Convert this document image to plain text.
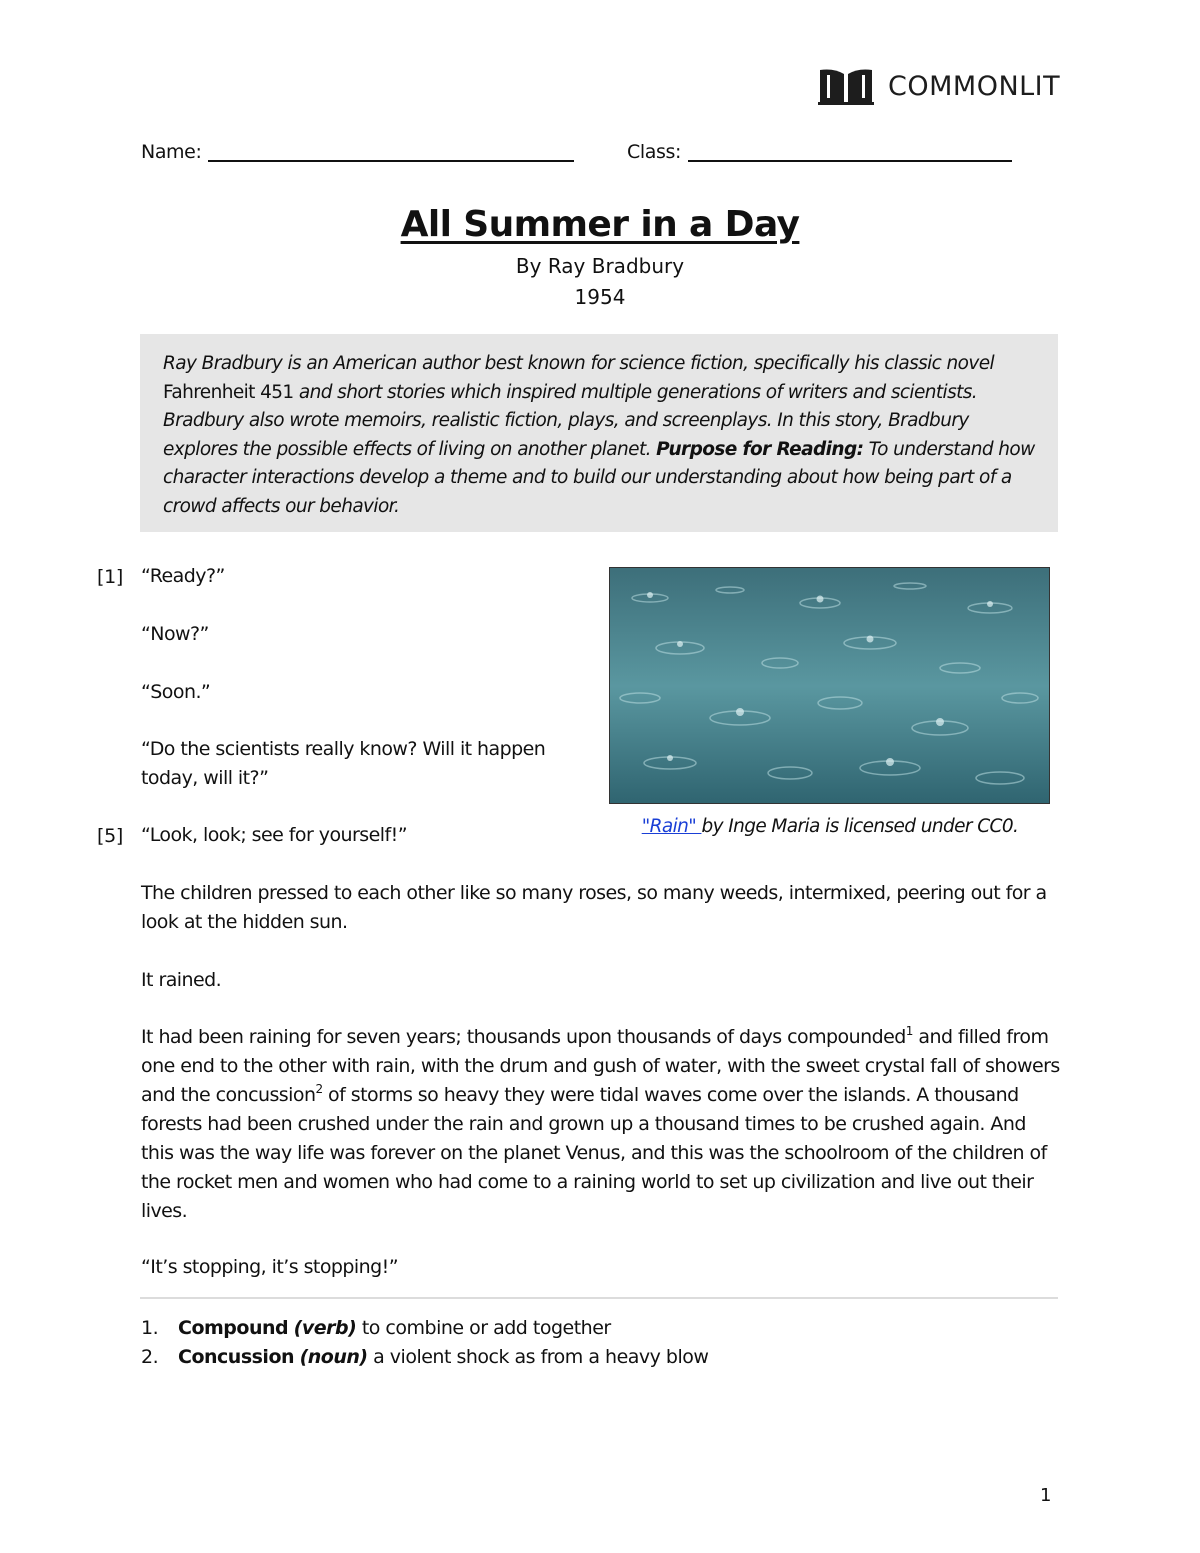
COMMONLIT
Name:	Class:
All Summer in a Day
By Ray Bradbury
1954
Ray Bradbury is an American author best known for science fiction, specifically his classic novel Fahrenheit 451 and short stories which inspired multiple generations of writers and scientists. Bradbury also wrote memoirs, realistic fiction, plays, and screenplays. In this story, Bradbury explores the possible effects of living on another planet. Purpose for Reading: To understand how character interactions develop a theme and to build our understanding about how being part of a crowd affects our behavior.
[1]
[5]
“Ready?”
“Now?”
“Soon.”
“Do the scientists really know? Will it happen today, will it?”
“Look, look; see for yourself!”	"Rain" by Inge Maria is licensed under CC0.
The children pressed to each other like so many roses, so many weeds, intermixed, peering out for a look at the hidden sun.
It rained.
It had been raining for seven years; thousands upon thousands of days compounded$^1$ and filled from one end to the other with rain, with the drum and gush of water, with the sweet crystal fall of showers and the concussion$^2$ of storms so heavy they were tidal waves come over the islands. A thousand forests had been crushed under the rain and grown up a thousand times to be crushed again. And this was the way life was forever on the planet Venus, and this was the schoolroom of the children of the rocket men and women who had come to a raining world to set up civilization and live out their lives.
“It’s stopping, it’s stopping!”
1. Compound (verb) to combine or add together
2. Concussion (noun) a violent shock as from a heavy blow
1
